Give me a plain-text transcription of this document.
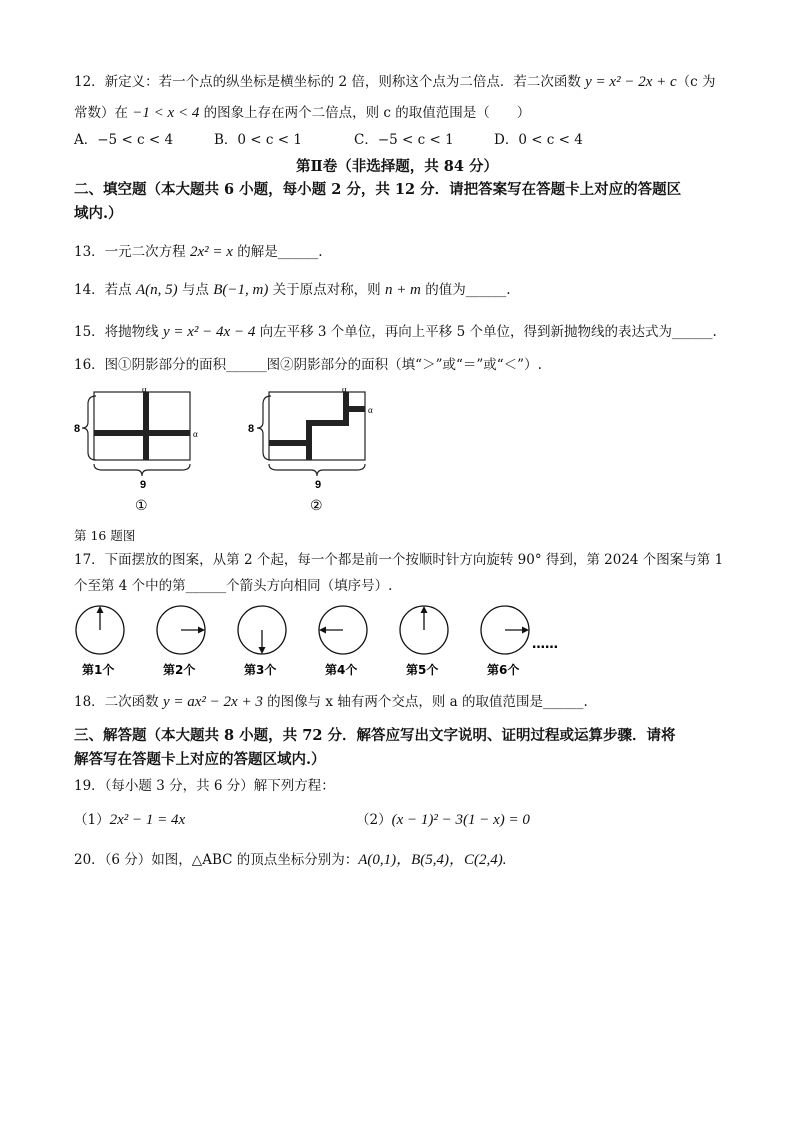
12．新定义：若一个点的纵坐标是横坐标的 2 倍，则称这个点为二倍点．若二次函数 y = x² − 2x + c（c 为
常数）在 −1 < x < 4 的图象上存在两个二倍点，则 c 的取值范围是（　　）
A．−5 < c < 4	B．0 < c < 1	C．−5 < c < 1	D．0 < c < 4
第Ⅱ卷（非选择题，共 84 分）
二、填空题（本大题共 6 小题，每小题 2 分，共 12 分．请把答案写在答题卡上对应的答题区
域内.）
13．一元二次方程 2x² = x 的解是______.
14．若点 A(n, 5) 与点 B(−1, m) 关于原点对称，则 n + m 的值为______.
15．将抛物线 y = x² − 4x − 4 向左平移 3 个单位，再向上平移 5 个单位，得到新抛物线的表达式为______.
16．图①阴影部分的面积______图②阴影部分的面积（填“＞”或“＝”或“＜”）.
8
α
α
9
①
8
α
α
9
②
第 16 题图
17．下面摆放的图案，从第 2 个起，每一个都是前一个按顺时针方向旋转 90° 得到，第 2024 个图案与第 1
个至第 4 个中的第______个箭头方向相同（填序号）.
第1个	第2个	第3个	第4个	第5个	第6个
……
18．二次函数 y = ax² − 2x + 3 的图像与 x 轴有两个交点，则 a 的取值范围是______.
三、解答题（本大题共 8 小题，共 72 分．解答应写出文字说明、证明过程或运算步骤．请将
解答写在答题卡上对应的答题区域内.）
19．（每小题 3 分，共 6 分）解下列方程：
（1）2x² − 1 = 4x	（2）(x − 1)² − 3(1 − x) = 0
20．（6 分）如图，△ABC 的顶点坐标分别为：A(0,1)，B(5,4)，C(2,4).
